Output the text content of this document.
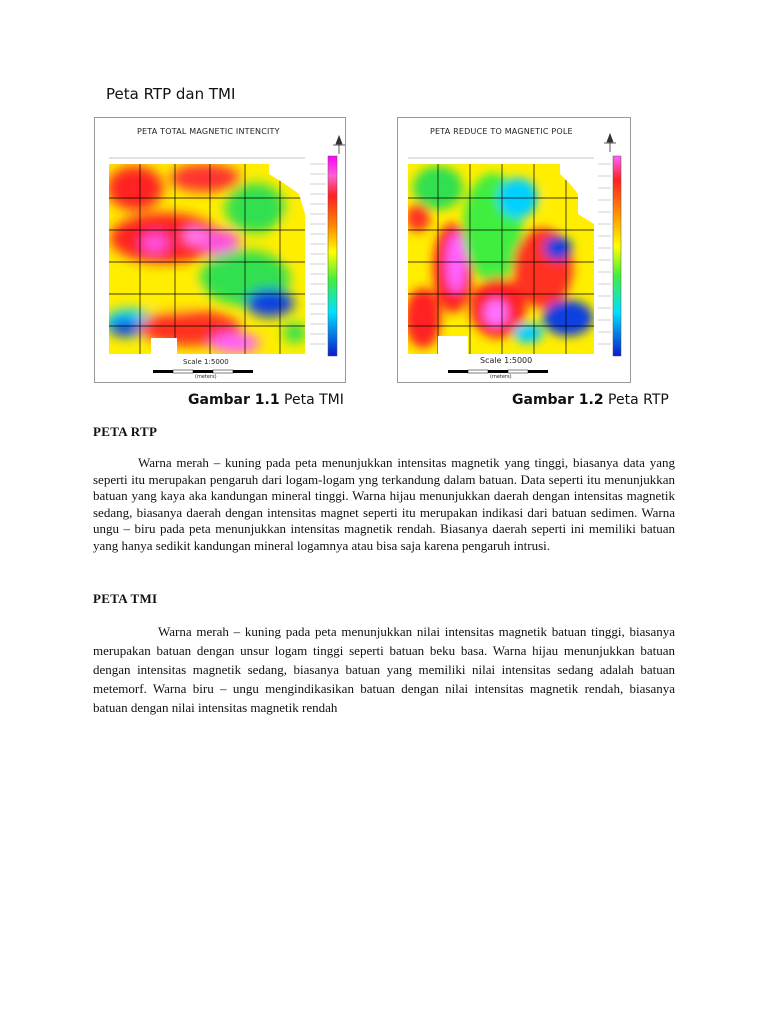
Peta RTP dan TMI
PETA TOTAL MAGNETIC INTENCITY
Scale 1:5000
(meters)
PETA REDUCE TO MAGNETIC POLE
Scale 1:5000
(meters)
Gambar 1.1 Peta TMI	Gambar 1.2 Peta RTP
PETA RTP

Warna merah – kuning pada peta menunjukkan intensitas magnetik yang tinggi, biasanya data yang seperti itu merupakan pengaruh dari logam-logam yng terkandung dalam batuan. Data seperti itu menunjukkan batuan yang kaya aka kandungan mineral tinggi. Warna hijau menunjukkan daerah dengan intensitas magnetik sedang, biasanya daerah dengan intensitas magnet seperti itu merupakan indikasi dari batuan sedimen. Warna ungu – biru pada peta menunjukkan intensitas magnetik rendah. Biasanya daerah seperti ini memiliki batuan yang hanya sedikit kandungan mineral logamnya atau bisa saja karena pengaruh intrusi.

PETA TMI

Warna merah – kuning pada peta menunjukkan nilai intensitas magnetik batuan tinggi, biasanya merupakan batuan dengan unsur logam tinggi seperti batuan beku basa. Warna hijau menunjukkan batuan dengan intensitas magnetik sedang, biasanya batuan yang memiliki nilai intensitas sedang adalah batuan metemorf. Warna biru – ungu mengindikasikan batuan dengan nilai intensitas magnetik rendah, biasanya batuan dengan nilai intensitas magnetik rendah
